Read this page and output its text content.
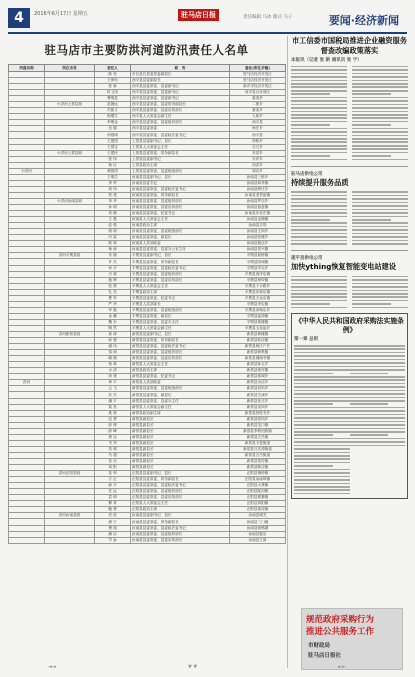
4	2016年6月17日 星期五	驻马店日报	责任编辑 马冰 版式 马子	要闻·经济新闻
驻马店市主要防洪河道防汛责任人名单
河道名称	所在市县	责任人	职　务	备注(所在乡镇)
		陈 莹	市长县长县委常委副县长	驻马店经济开发区
		王海东	西平县县委副县长	驻马店经济开发区
		张 新	西平县县委常委、县委副书记	新乡市经济开发区
		刘 宝庆	西平县县委常委、县委副书记	西平县百步湾区
		曹明显	西平县县委常委、县委副书记	重渠乡
	小洪河上蔡县段	赵静远	西平县县委常委、县委常务副县长	二郎乡
		冯振义	西平县县委常委、县委宣传部长	重渠乡
		程增生	西平县人大常委会副主任	人和乡
		李明金	西平县县委常委、县委组织部长	西平县
		吴 健	西平县县委常委	杨庄乡
		孙强城	西平县县委常委、县委政法委书记	西平县
		王建国	上蔡县县委副书记、县长	塔桥乡
		王国宝	上蔡县人大常委会主任	百尺乡
	小洪河上蔡县段	王建民	上蔡县县委常委、常务副县长	东洪乡
		张 伟	上蔡县县委副书记	东岸乡
		杨 红	上蔡县政协主席	西洪乡
小洪河		韩国清	上蔡县县委常委、县委统战部长	和店乡
		王明生	汝南县县委副书记、县长	汝南县三桥乡
		李 军	汝南县县委书记	汝南县和孝镇
		周 伟	汝南县县委常委、县委政法委书记	汝南县韩庄乡
		张 建	汝南县县委常委、常务副县长	汝南县老君庙镇
	小洪河汝南县段	李 华	汝南县县委常委、县委组织部长	汝南县罗店乡
		孙 明	汝南县县委常委、县委宣传部长	汝南县留盆镇
		刘 刚	汝南县县委常委、纪委书记	汝南县东官庄镇
		王 磊	汝南县人大常委会主任	汝南县金铺镇
		赵 强	汝南县政协主席	汝南县古塔
		钱 明	汝南县县委常委、县委统战部长	汝南县王岗乡
		冯 雷	汝南县县委常委、副县长	汝南县张楼乡
		陈 林	汝南县人武部政委	汝南县板店乡
		杨 涛	汝南县县委常委、县委办公室主任	汝南县常兴镇
	洪河平舆县段	朱 刚	平舆县县委副书记、县长	平舆县射桥镇
		许 杰	平舆县县委常委、常务副县长	平舆县阳城镇
		何 平	平舆县县委常委、县委政法委书记	平舆县辛店乡
		吕 斌	平舆县县委常委、县委组织部长	平舆县西洋店镇
		施 辉	平舆县县委常委、县委宣传部长	平舆县杨埠镇
		张 勇	平舆县人大常委会主任	平舆县十字路乡
		孔 亮	平舆县政协主席	平舆县东和店镇
		曹 军	平舆县县委常委、纪委书记	平舆县万金店镇
		严 华	平舆县人武部部长	平舆县李屯镇
		华 磊	平舆县县委常委、县委统战部长	平舆县高杨店乡
		金 鹏	平舆县县委常委、副县长	平舆县庙湾镇
		魏 东	平舆县县委常委、县委办主任	平舆县郭楼镇
		陶 然	平舆县人大常委会副主任	平舆县玉皇庙乡
	洪河新蔡县段	姜 涛	新蔡县县委副书记、县长	新蔡县黄楼镇
		戚 强	新蔡县县委常委、常务副县长	新蔡县砖店镇
		谢 伟	新蔡县县委常委、县委政法委书记	新蔡县杨庄户乡
		邹 明	新蔡县县委常委、县委组织部长	新蔡县韩集镇
		喻 刚	新蔡县县委常委、县委宣传部长	新蔡县佛阁寺镇
		柏 林	新蔡县人大常委会主任	新蔡县孙召乡
		水 清	新蔡县政协主席	新蔡县练村镇
		窦 建	新蔡县县委常委、纪委书记	新蔡县栎城乡
洪河		章 平	新蔡县人武部政委	新蔡县余店乡
		云 飞	新蔡县县委常委、县委统战部长	新蔡县河坞乡
		苏 杰	新蔡县县委常委、副县长	新蔡县关津乡
		潘 宇	新蔡县县委常委、县委办主任	新蔡县化庄乡
		葛 亮	新蔡县人大常委会副主任	新蔡县宋岗乡
		奚 晨	新蔡县政协副主席	新蔡县弥陀寺乡
		范 勇	新蔡县副县长	新蔡县顿岗乡
		彭 博	新蔡县副县长	新蔡县龙口镇
		郎 峰	新蔡县副县长	新蔡县李桥回族镇
		鲁 达	新蔡县副县长	新蔡县古吕镇
		韦 华	新蔡县副县长	新蔡县今是街道
		昌 明	新蔡县副县长	新蔡县月亮湾街道
		马 超	新蔡县副县长	新蔡县古吕街道
		苗 壮	新蔡县副县长	新蔡县棠村镇
		凤 阳	新蔡县副县长	新蔡县陈店镇
	洪河正阳县段	花 荣	正阳县县委副书记、县长	正阳县铜钟镇
		方 正	正阳县县委常委、常务副县长	正阳县汝南埠镇
		俞 平	正阳县县委常委、县委政法委书记	正阳县大林镇
		任 远	正阳县县委常委、县委组织部长	正阳县陡沟镇
		袁 明	正阳县县委常委、县委宣传部长	正阳县熊寨镇
		柳 青	正阳县人大常委会主任	正阳县真阳镇
		鲍 勇	正阳县政协主席	正阳县寒冻镇
	洪河汝南县段	史 进	汝南县县委副书记、县长	汝南县城关
		唐 宁	汝南县县委常委、常务副县长	汝南县三门闸
		费 翔	汝南县县委常委、县委政法委书记	汝南县宿鸭湖
		廉 洁	汝南县县委常委、县委组织部长	汝南县板店
		岑 参	汝南县县委常委、县委宣传部长	汝南县王岗
市工信委市国税局推进企业融资服务督查改编政策落实
本报讯（记者 张 新 通讯员 张 宁）
驻马店供电公司
持续提升服务品质
遂平县供电公司
加快ything恢复智能变电站建设
《中华人民共和国政府采购法实施条例》
第一章 总则
规范政府采购行为
推进公共服务工作
市财政局
驻马店日报社
◄◄	▼ ▼	►►
